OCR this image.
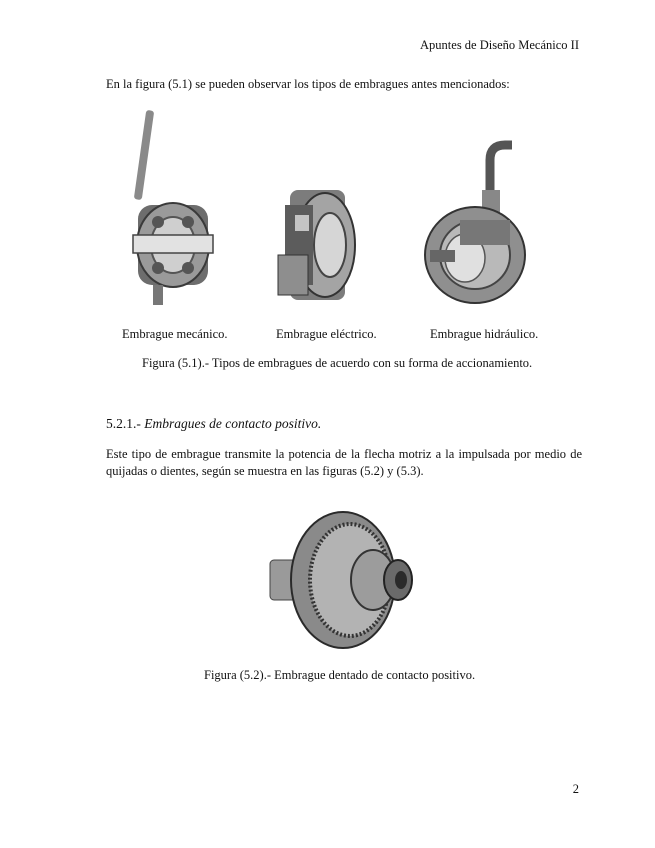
Apuntes de Diseño Mecánico II
En la figura (5.1) se pueden observar los tipos de embragues antes mencionados:
Embrague mecánico.	Embrague eléctrico.	Embrague hidráulico.
Figura (5.1).- Tipos de embragues de acuerdo con su forma de accionamiento.
5.2.1.- Embragues de contacto positivo.
Este tipo de embrague transmite la potencia de la flecha motriz a la impulsada por medio de quijadas o dientes, según se muestra en las figuras (5.2) y (5.3).
Figura (5.2).- Embrague dentado de contacto positivo.
2
